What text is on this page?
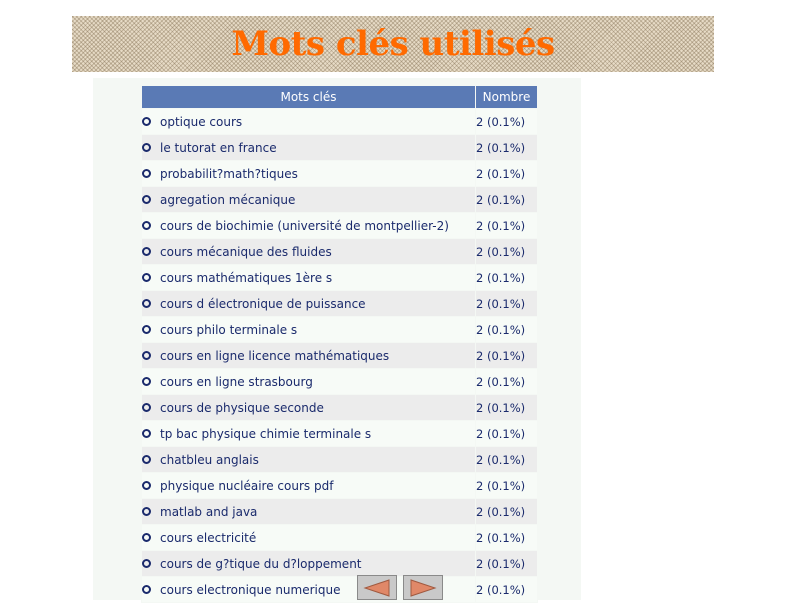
Mots clés utilisés
Mots clés	Nombre
optique cours	2 (0.1%)
le tutorat en france	2 (0.1%)
probabilit?math?tiques	2 (0.1%)
agregation mécanique	2 (0.1%)
cours de biochimie (université de montpellier-2)	2 (0.1%)
cours mécanique des fluides	2 (0.1%)
cours mathématiques 1ère s	2 (0.1%)
cours d électronique de puissance	2 (0.1%)
cours philo terminale s	2 (0.1%)
cours en ligne licence mathématiques	2 (0.1%)
cours en ligne strasbourg	2 (0.1%)
cours de physique seconde	2 (0.1%)
tp bac physique chimie terminale s	2 (0.1%)
chatbleu anglais	2 (0.1%)
physique nucléaire cours pdf	2 (0.1%)
matlab and java	2 (0.1%)
cours electricité	2 (0.1%)
cours de g?tique du d?loppement	2 (0.1%)
cours electronique numerique	2 (0.1%)
